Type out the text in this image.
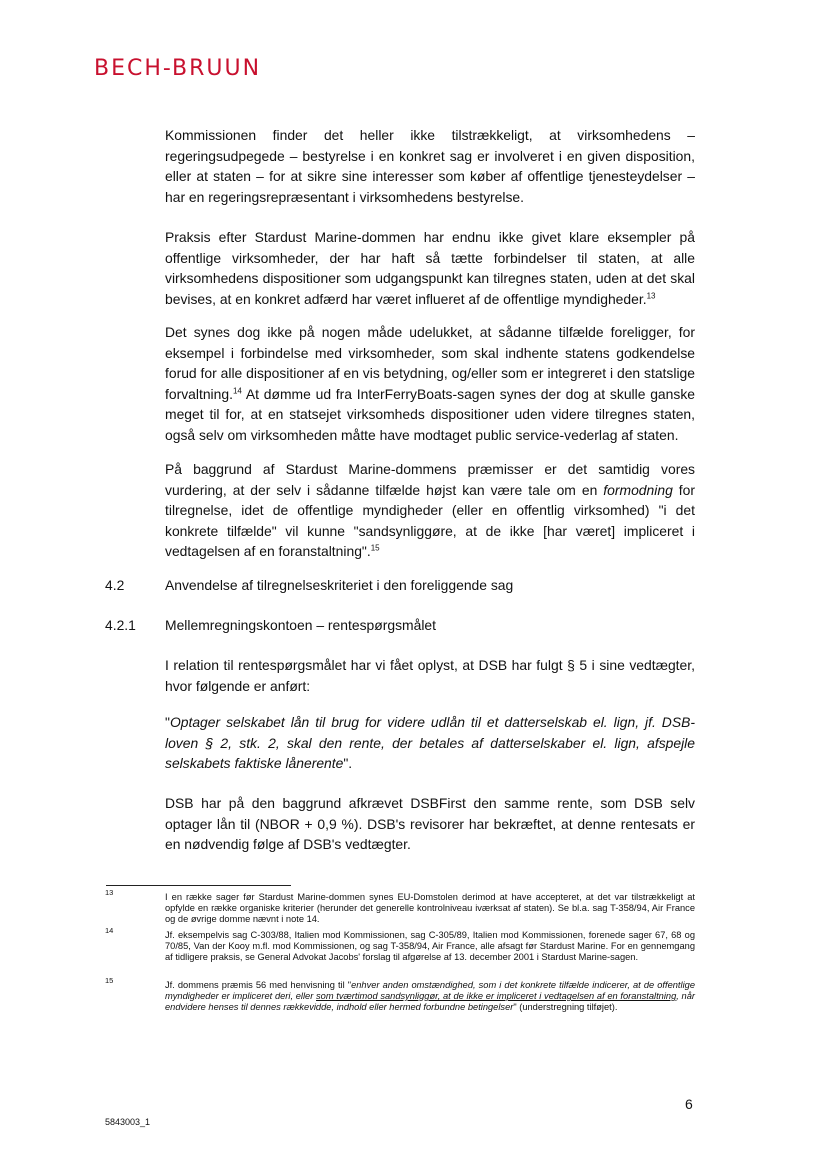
BECH-BRUUN

Kommissionen finder det heller ikke tilstrækkeligt, at virksomhedens – regeringsudpegede – bestyrelse i en konkret sag er involveret i en given disposition, eller at staten – for at sikre sine interesser som køber af offentlige tjenesteydelser – har en regeringsrepræsentant i virksomhedens bestyrelse.

Praksis efter Stardust Marine-dommen har endnu ikke givet klare eksempler på offentlige virksomheder, der har haft så tætte forbindelser til staten, at alle virksomhedens dispositioner som udgangspunkt kan tilregnes staten, uden at det skal bevises, at en konkret adfærd har været influeret af de offentlige myndigheder.$^{13}$

Det synes dog ikke på nogen måde udelukket, at sådanne tilfælde foreligger, for eksempel i forbindelse med virksomheder, som skal indhente statens godkendelse forud for alle dispositioner af en vis betydning, og/eller som er integreret i den statslige forvaltning.$^{14}$ At dømme ud fra InterFerryBoats-sagen synes der dog at skulle ganske meget til for, at en statsejet virksomheds dispositioner uden videre tilregnes staten, også selv om virksomheden måtte have modtaget public service-vederlag af staten.

På baggrund af Stardust Marine-dommens præmisser er det samtidig vores vurdering, at der selv i sådanne tilfælde højst kan være tale om en formodning for tilregnelse, idet de offentlige myndigheder (eller en offentlig virksomhed) "i det konkrete tilfælde" vil kunne "sandsynliggøre, at de ikke [har været] impliceret i vedtagelsen af en foranstaltning".$^{15}$

4.2	Anvendelse af tilregnelseskriteriet i den foreliggende sag
4.2.1 Mellemregningskontoen – rentespørgsmålet

I relation til rentespørgsmålet har vi fået oplyst, at DSB har fulgt § 5 i sine vedtægter, hvor følgende er anført:

"Optager selskabet lån til brug for videre udlån til et datterselskab el. lign, jf. DSB-loven § 2, stk. 2, skal den rente, der betales af datterselskaber el. lign, afspejle selskabets faktiske lånerente".

DSB har på den baggrund afkrævet DSBFirst den samme rente, som DSB selv optager lån til (NBOR + 0,9 %). DSB's revisorer har bekræftet, at denne rentesats er en nødvendig følge af DSB's vedtægter.

13	I en række sager før Stardust Marine-dommen synes EU-Domstolen derimod at have accepteret, at det var tilstrækkeligt at opfylde en række organiske kriterier (herunder det generelle kontrolniveau iværksat af staten). Se bl.a. sag T-358/94, Air France og de øvrige domme nævnt i note 14.

14	Jf. eksempelvis sag C-303/88, Italien mod Kommissionen, sag C-305/89, Italien mod Kommissionen, forenede sager 67, 68 og 70/85, Van der Kooy m.fl. mod Kommissionen, og sag T-358/94, Air France, alle afsagt før Stardust Marine. For en gennemgang af tidligere praksis, se General Advokat Jacobs' forslag til afgørelse af 13. december 2001 i Stardust Marine-sagen.

15	Jf. dommens præmis 56 med henvisning til "enhver anden omstændighed, som i det konkrete tilfælde indicerer, at de offentlige myndigheder er impliceret deri, eller som tværtimod sandsynliggør, at de ikke er impliceret i vedtagelsen af en foranstaltning, når endvidere henses til dennes rækkevidde, indhold eller hermed forbundne betingelser" (understregning tilføjet).

6
5843003_1
